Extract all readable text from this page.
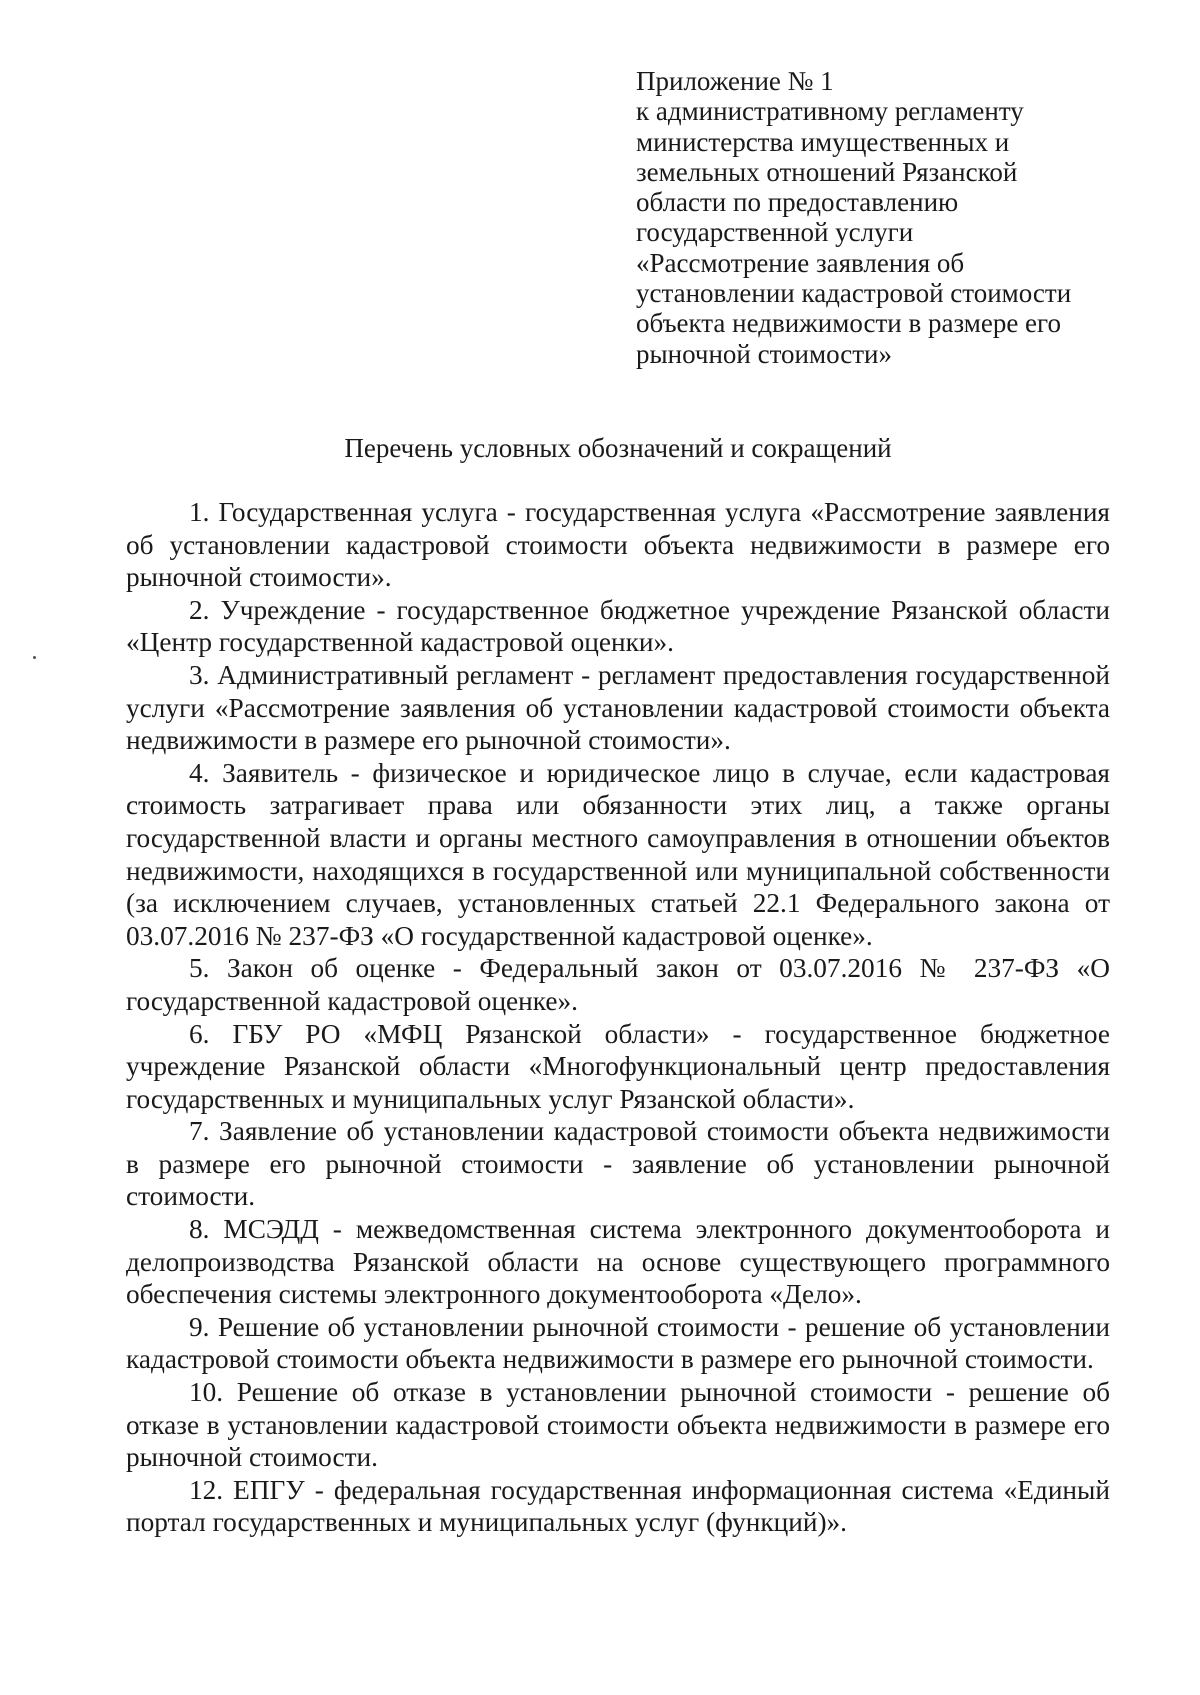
Приложение № 1
к административному регламенту
министерства имущественных и
земельных отношений Рязанской
области по предоставлению
государственной услуги
«Рассмотрение заявления об
установлении кадастровой стоимости
объекта недвижимости в размере его
рыночной стоимости»
Перечень условных обозначений и сокращений

1. Государственная услуга - государственная услуга «Рассмотрение заявления об установлении кадастровой стоимости объекта недвижимости в размере его рыночной стоимости».

2. Учреждение - государственное бюджетное учреждение Рязанской области «Центр государственной кадастровой оценки».

3. Административный регламент - регламент предоставления государственной услуги «Рассмотрение заявления об установлении кадастровой стоимости объекта недвижимости в размере его рыночной стоимости».

4. Заявитель - физическое и юридическое лицо в случае, если кадастровая стоимость затрагивает права или обязанности этих лиц, а также органы государственной власти и органы местного самоуправления в отношении объектов недвижимости, находящихся в государственной или муниципальной собственности (за исключением случаев, установленных статьей 22.1 Федерального закона от 03.07.2016 № 237-ФЗ «О государственной кадастровой оценке».

5. Закон об оценке - Федеральный закон от 03.07.2016 № 237-ФЗ «О государственной кадастровой оценке».

6. ГБУ РО «МФЦ Рязанской области» - государственное бюджетное учреждение Рязанской области «Многофункциональный центр предоставления государственных и муниципальных услуг Рязанской области».

7. Заявление об установлении кадастровой стоимости объекта недвижимости в размере его рыночной стоимости - заявление об установлении рыночной стоимости.

8. МСЭДД - межведомственная система электронного документооборота и делопроизводства Рязанской области на основе существующего программного обеспечения системы электронного документооборота «Дело».

9. Решение об установлении рыночной стоимости - решение об установлении кадастровой стоимости объекта недвижимости в размере его рыночной стоимости.

10. Решение об отказе в установлении рыночной стоимости - решение об отказе в установлении кадастровой стоимости объекта недвижимости в размере его рыночной стоимости.

12. ЕПГУ - федеральная государственная информационная система «Единый портал государственных и муниципальных услуг (функций)».
